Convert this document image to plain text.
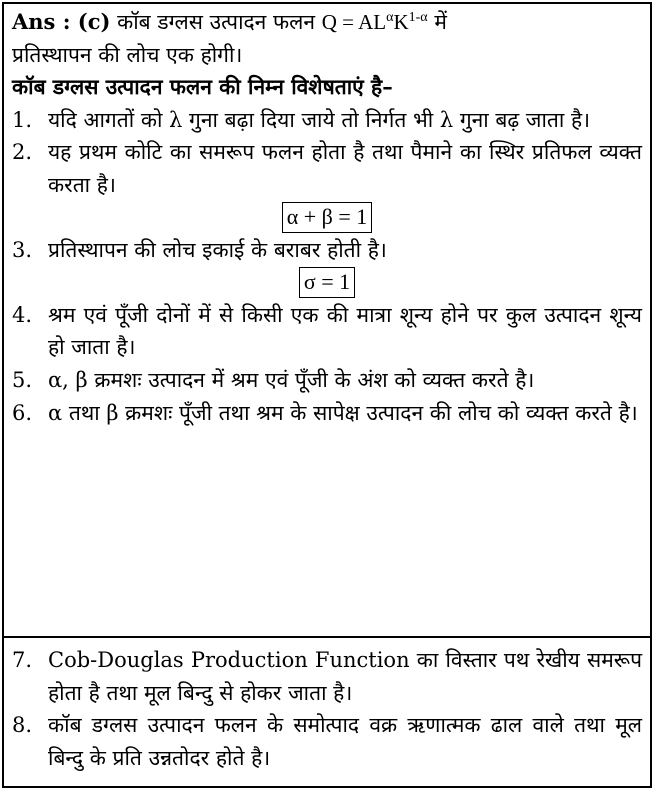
Ans : (c) कॉब डग्लस उत्पादन फलन $Q = AL^\alpha K^{1-\alpha}$ में
प्रतिस्थापन की लोच एक होगी।

कॉब डग्लस उत्पादन फलन की निम्न विशेषताएं है–

1. यदि आगतों को λ गुना बढ़ा दिया जाये तो निर्गत भी λ गुना बढ़ जाता है।
2. यह प्रथम कोटि का समरूप फलन होता है तथा पैमाने का स्थिर प्रतिफल व्यक्त करता है।

α + β = 1

3. प्रतिस्थापन की लोच इकाई के बराबर होती है।

σ = 1

4. श्रम एवं पूँजी दोनों में से किसी एक की मात्रा शून्य होने पर कुल उत्पादन शून्य हो जाता है।
5. α, β क्रमशः उत्पादन में श्रम एवं पूँजी के अंश को व्यक्त करते है।
6. α तथा β क्रमशः पूँजी तथा श्रम के सापेक्ष उत्पादन की लोच को व्यक्त करते है।
7. Cob-Douglas Production Function का विस्तार पथ रेखीय समरूप होता है तथा मूल बिन्दु से होकर जाता है।
8. कॉब डग्लस उत्पादन फलन के समोत्पाद वक्र ऋणात्मक ढाल वाले तथा मूल बिन्दु के प्रति उन्नतोदर होते है।
